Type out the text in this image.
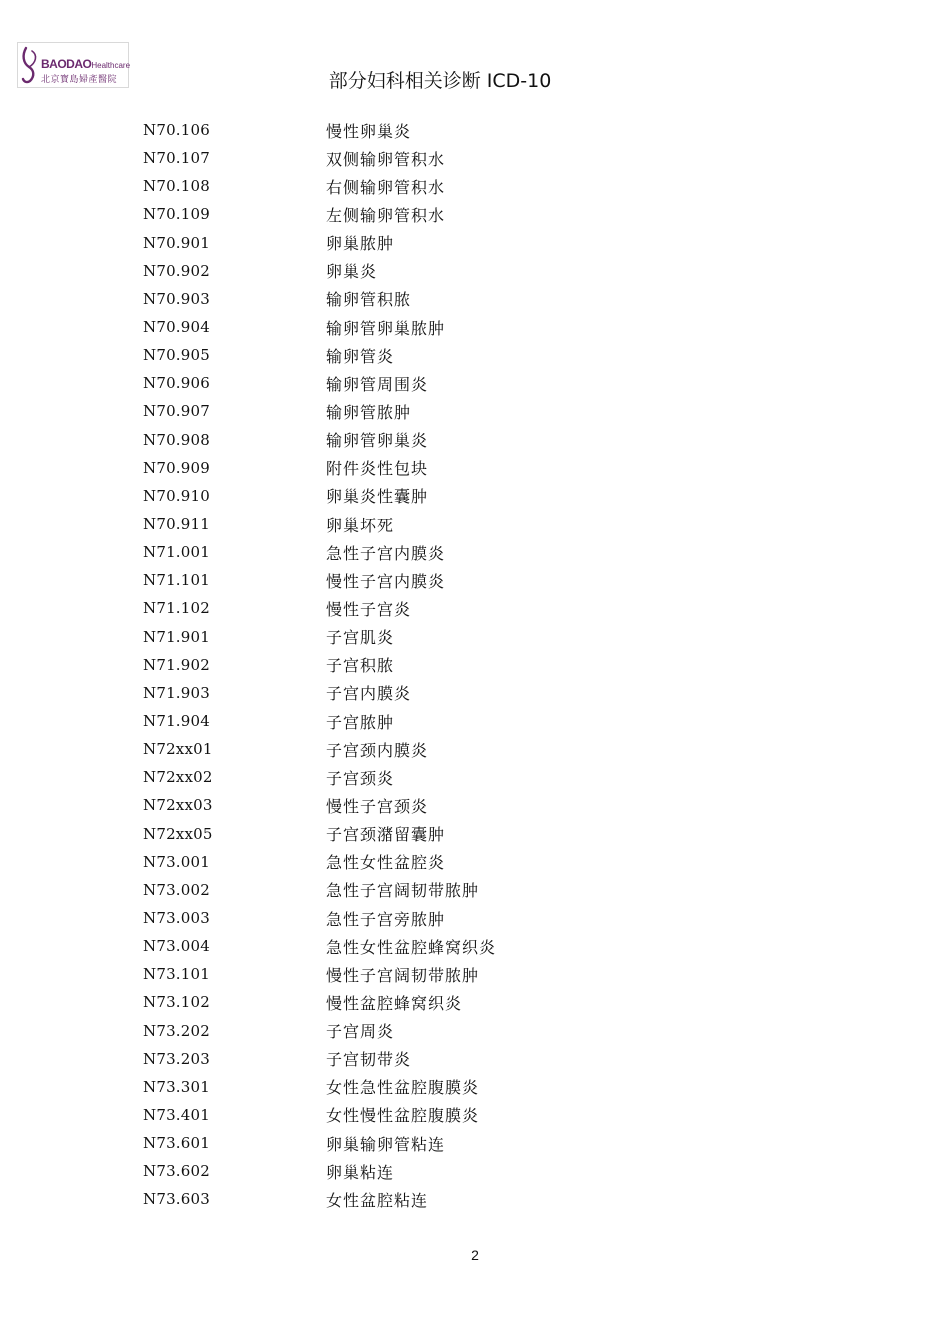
BAODAOHealthcare
北京寳島婦產醫院	部分妇科相关诊断 ICD-10
N70.106	慢性卵巢炎
N70.107	双侧输卵管积水
N70.108	右侧输卵管积水
N70.109	左侧输卵管积水
N70.901	卵巢脓肿
N70.902	卵巢炎
N70.903	输卵管积脓
N70.904	输卵管卵巢脓肿
N70.905	输卵管炎
N70.906	输卵管周围炎
N70.907	输卵管脓肿
N70.908	输卵管卵巢炎
N70.909	附件炎性包块
N70.910	卵巢炎性囊肿
N70.911	卵巢坏死
N71.001	急性子宫内膜炎
N71.101	慢性子宫内膜炎
N71.102	慢性子宫炎
N71.901	子宫肌炎
N71.902	子宫积脓
N71.903	子宫内膜炎
N71.904	子宫脓肿
N72xx01	子宫颈内膜炎
N72xx02	子宫颈炎
N72xx03	慢性子宫颈炎
N72xx05	子宫颈潴留囊肿
N73.001	急性女性盆腔炎
N73.002	急性子宫阔韧带脓肿
N73.003	急性子宫旁脓肿
N73.004	急性女性盆腔蜂窝织炎
N73.101	慢性子宫阔韧带脓肿
N73.102	慢性盆腔蜂窝织炎
N73.202	子宫周炎
N73.203	子宫韧带炎
N73.301	女性急性盆腔腹膜炎
N73.401	女性慢性盆腔腹膜炎
N73.601	卵巢输卵管粘连
N73.602	卵巢粘连
N73.603	女性盆腔粘连
2
